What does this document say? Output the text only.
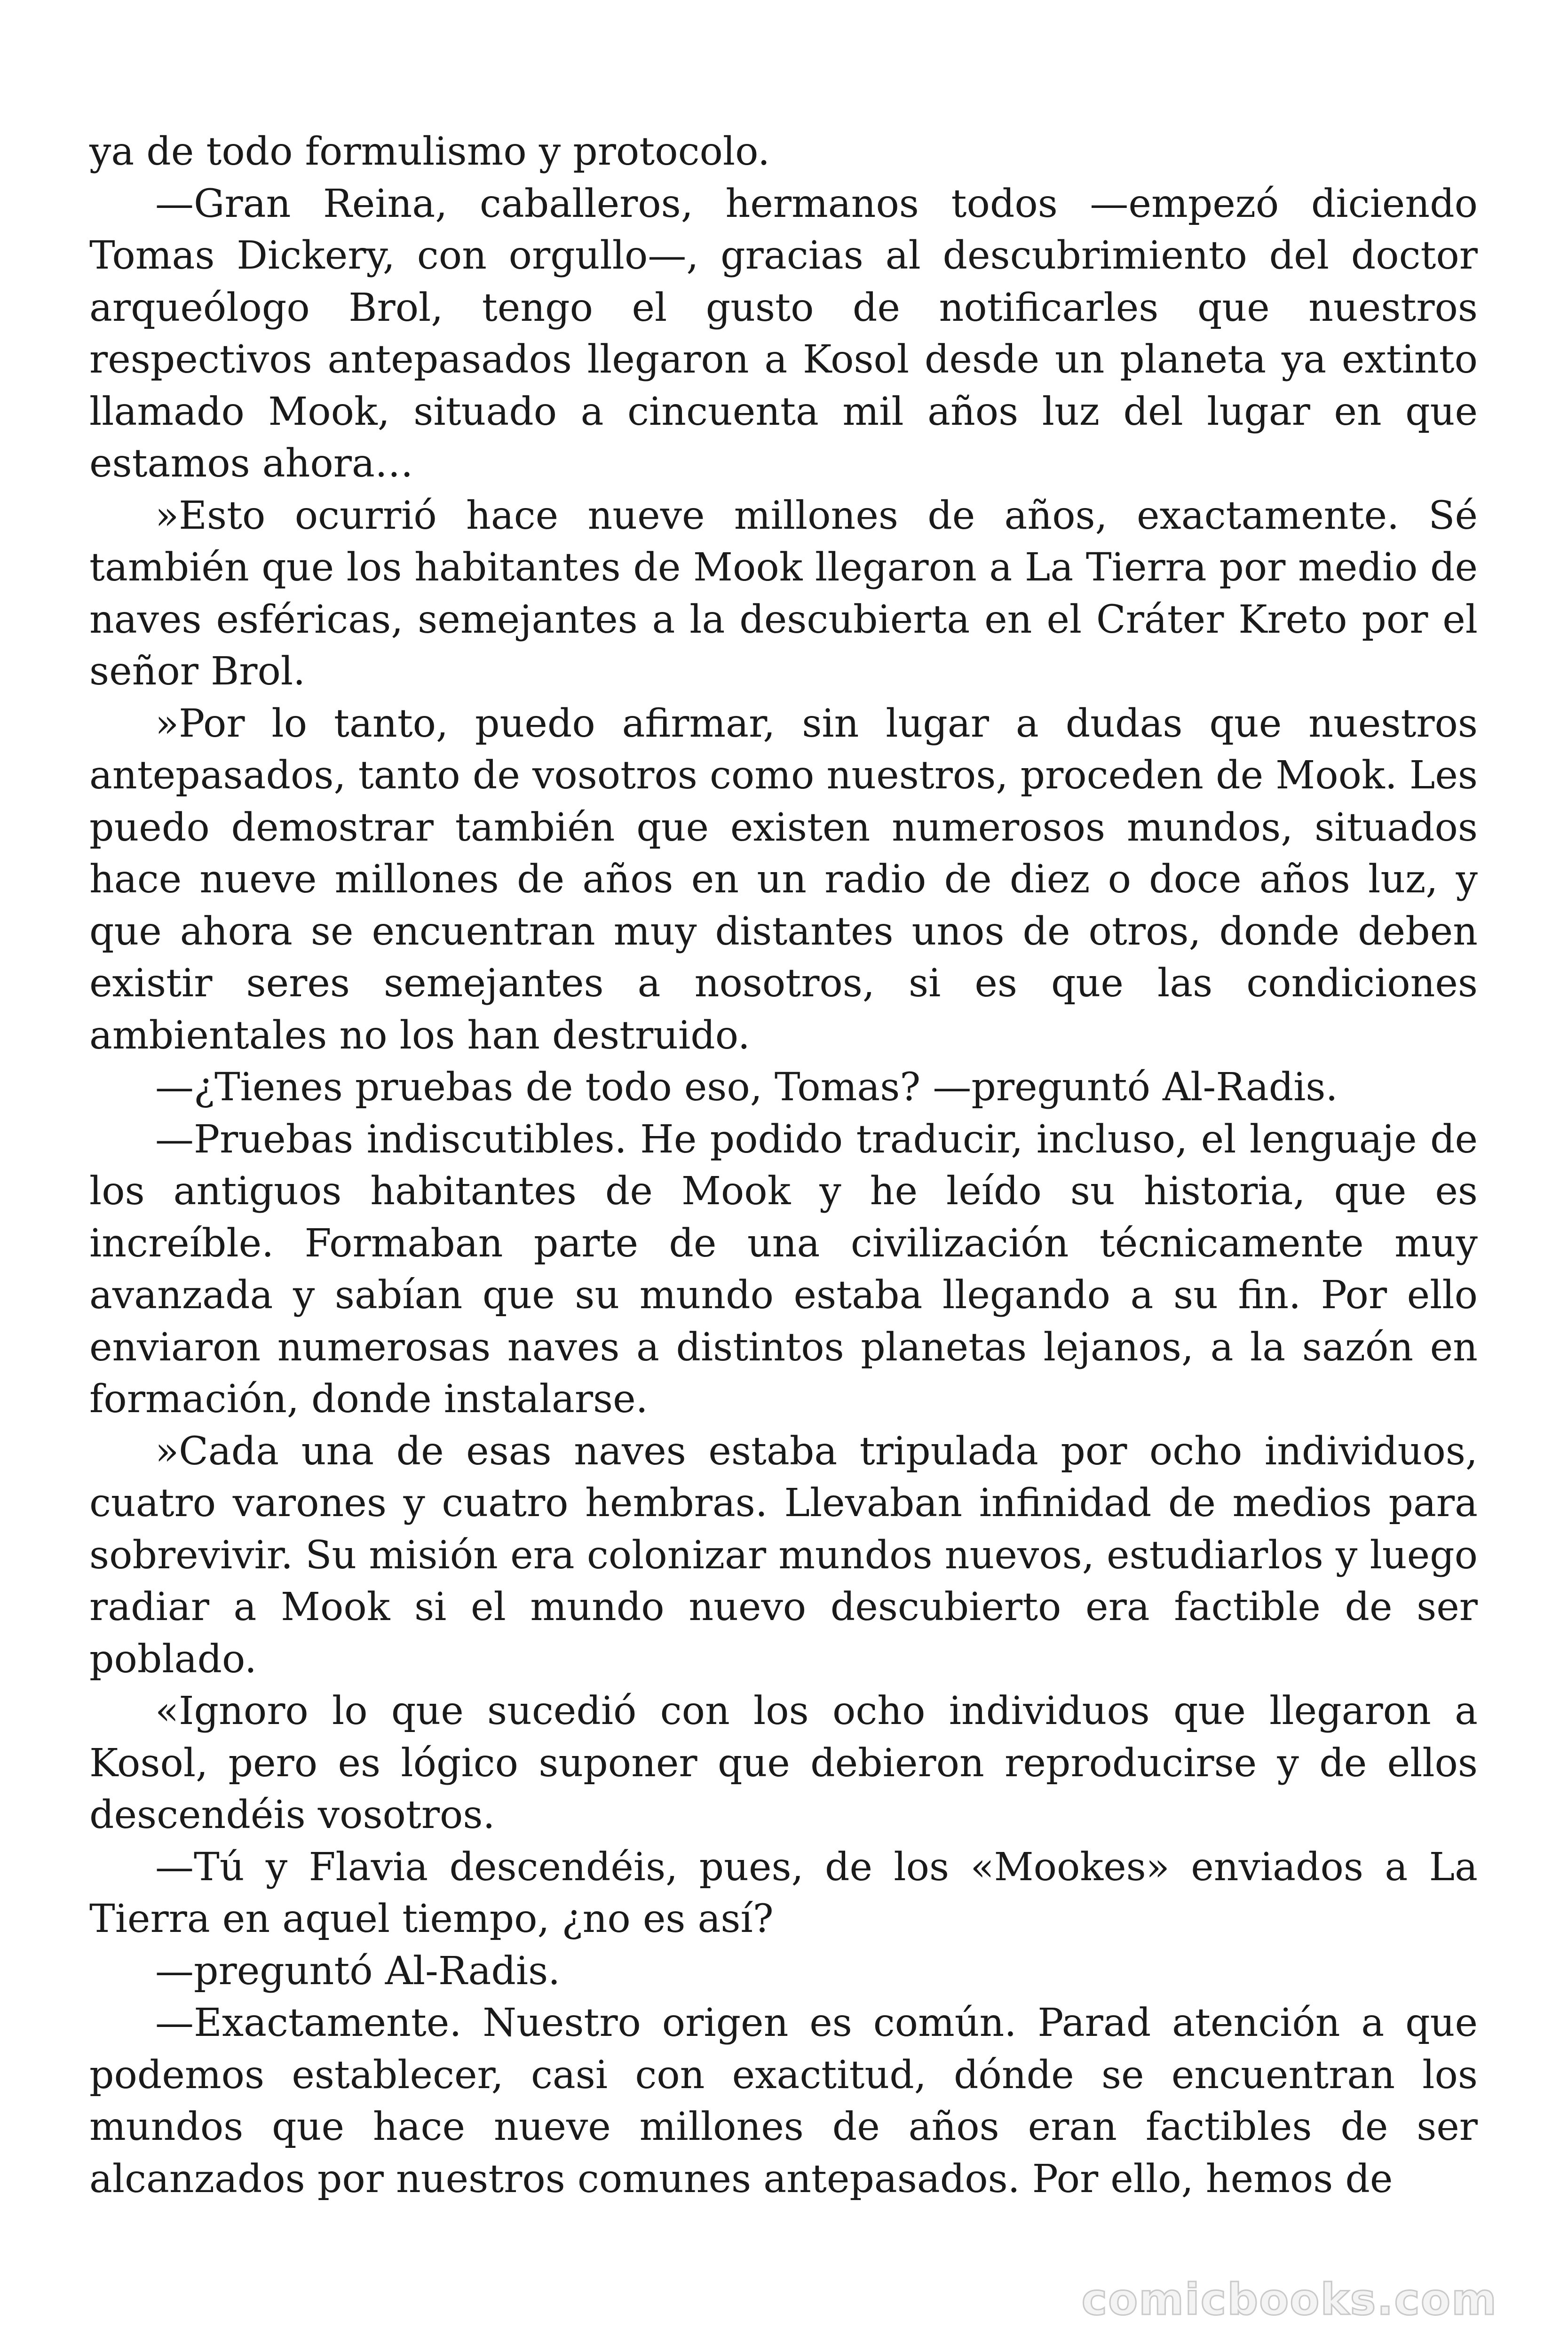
ya de todo formulismo y protocolo.

—Gran Reina, caballeros, hermanos todos —empezó diciendo Tomas Dickery, con orgullo—, gracias al descubrimiento del doctor arqueólogo Brol, tengo el gusto de notificarles que nuestros respectivos antepasados llegaron a Kosol desde un planeta ya extinto llamado Mook, situado a cincuenta mil años luz del lugar en que estamos ahora…

»Esto ocurrió hace nueve millones de años, exactamente. Sé también que los habitantes de Mook llegaron a La Tierra por medio de naves esféricas, semejantes a la descubierta en el Cráter Kreto por el señor Brol.

»Por lo tanto, puedo afirmar, sin lugar a dudas que nuestros antepasados, tanto de vosotros como nuestros, proceden de Mook. Les puedo demostrar también que existen numerosos mundos, situados hace nueve millones de años en un radio de diez o doce años luz, y que ahora se encuentran muy distantes unos de otros, donde deben existir seres semejantes a nosotros, si es que las condiciones ambientales no los han destruido.

—¿Tienes pruebas de todo eso, Tomas? —preguntó Al-Radis.

—Pruebas indiscutibles. He podido traducir, incluso, el lenguaje de los antiguos habitantes de Mook y he leído su historia, que es increíble. Formaban parte de una civilización técnicamente muy avanzada y sabían que su mundo estaba llegando a su fin. Por ello enviaron numerosas naves a distintos planetas lejanos, a la sazón en formación, donde instalarse.

»Cada una de esas naves estaba tripulada por ocho individuos, cuatro varones y cuatro hembras. Llevaban infinidad de medios para sobrevivir. Su misión era colonizar mundos nuevos, estudiarlos y luego radiar a Mook si el mundo nuevo descubierto era factible de ser poblado.

«Ignoro lo que sucedió con los ocho individuos que llegaron a Kosol, pero es lógico suponer que debieron reproducirse y de ellos descendéis vosotros.

—Tú y Flavia descendéis, pues, de los «Mookes» enviados a La Tierra en aquel tiempo, ¿no es así?

—preguntó Al-Radis.

—Exactamente. Nuestro origen es común. Parad atención a que podemos establecer, casi con exactitud, dónde se encuentran los mundos que hace nueve millones de años eran factibles de ser alcanzados por nuestros comunes antepasados. Por ello, hemos de

comicbooks.com
